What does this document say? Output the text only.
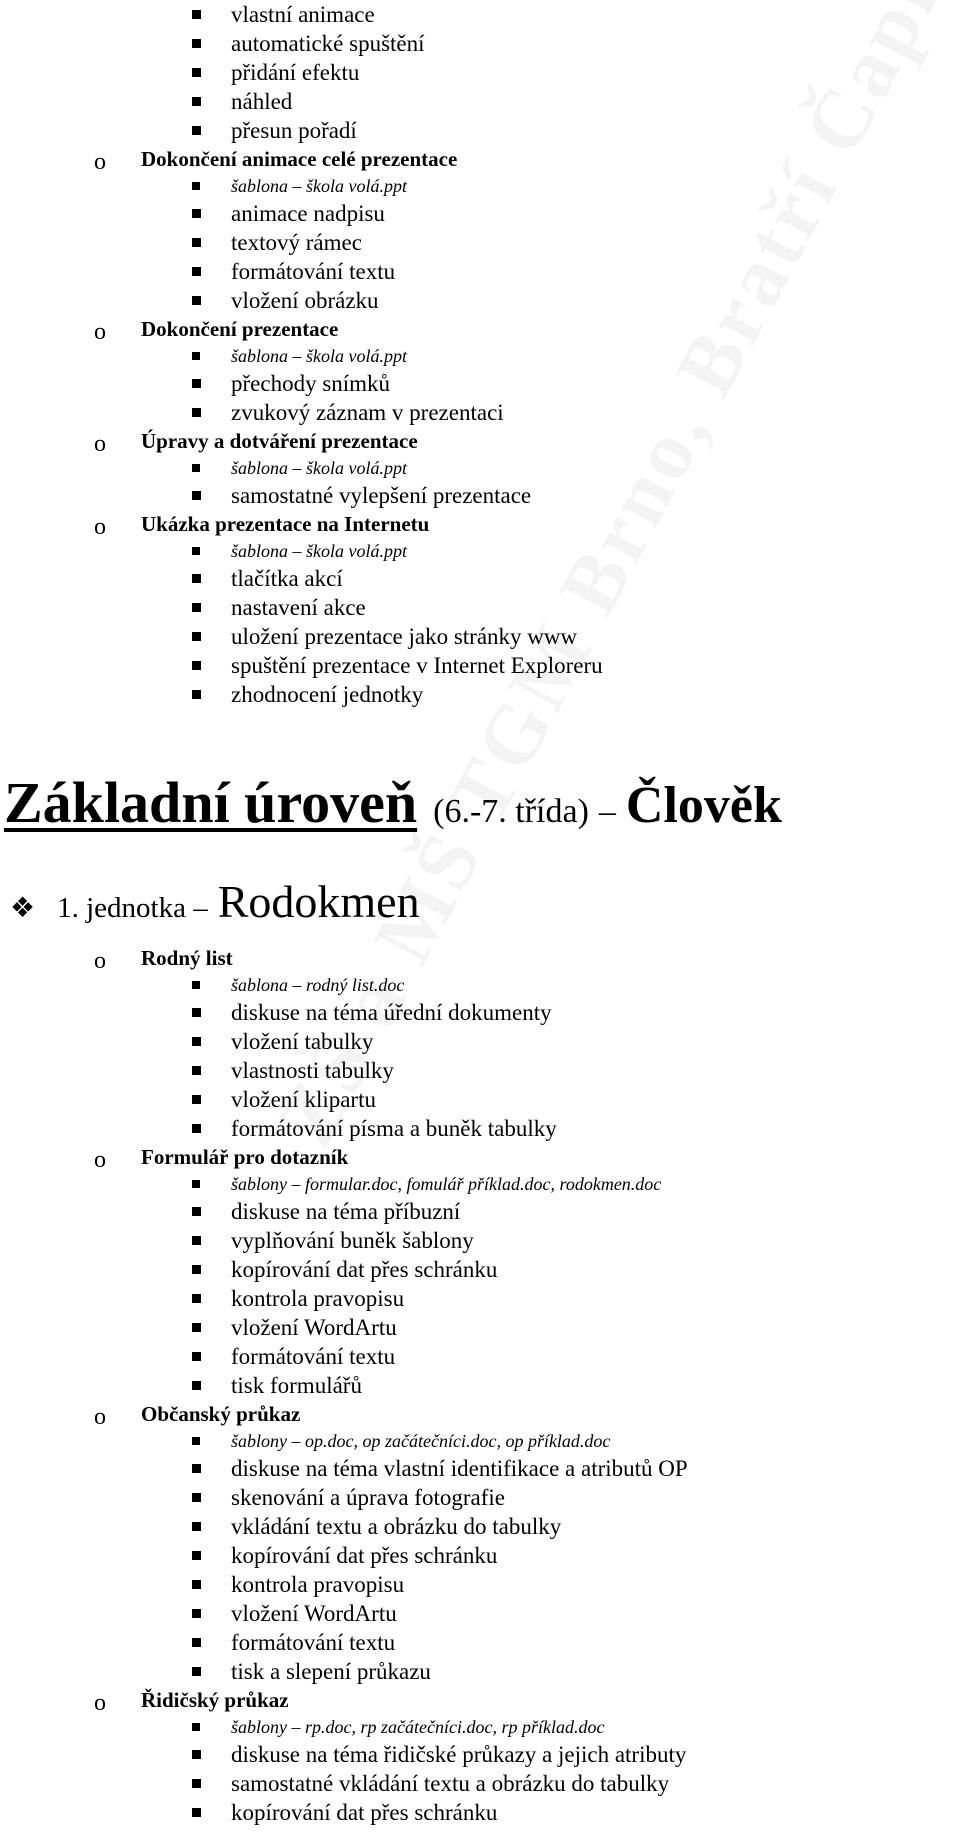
vlastní animace
automatické spuštění
přidání efektu
náhled
přesun pořadí
o Dokončení animace celé prezentace
šablona – škola volá.ppt
animace nadpisu
textový rámec
formátování textu
vložení obrázku
o Dokončení prezentace
šablona – škola volá.ppt
přechody snímků
zvukový záznam v prezentaci
o Úpravy a dotváření prezentace
šablona – škola volá.ppt
samostatné vylepšení prezentace
o Ukázka prezentace na Internetu
šablona – škola volá.ppt
tlačítka akcí
nastavení akce
uložení prezentace jako stránky www
spuštění prezentace v Internet Exploreru
zhodnocení jednotky
Základní úroveň (6.-7. třída) – Člověk
❖ 1. jednotka – Rodokmen
o Rodný list
šablona – rodný list.doc
diskuse na téma úřední dokumenty
vložení tabulky
vlastnosti tabulky
vložení klipartu
formátování písma a buněk tabulky
o Formulář pro dotazník
šablony – formular.doc, fomulář příklad.doc, rodokmen.doc
diskuse na téma příbuzní
vyplňování buněk šablony
kopírování dat přes schránku
kontrola pravopisu
vložení WordArtu
formátování textu
tisk formulářů
o Občanský průkaz
šablony – op.doc, op začátečníci.doc, op příklad.doc
diskuse na téma vlastní identifikace a atributů OP
skenování a úprava fotografie
vkládání textu a obrázku do tabulky
kopírování dat přes schránku
kontrola pravopisu
vložení WordArtu
formátování textu
tisk a slepení průkazu
o Řidičský průkaz
šablony – rp.doc, rp začátečníci.doc, rp příklad.doc
diskuse na téma řidičské průkazy a jejich atributy
samostatné vkládání textu a obrázku do tabulky
kopírování dat přes schránku
